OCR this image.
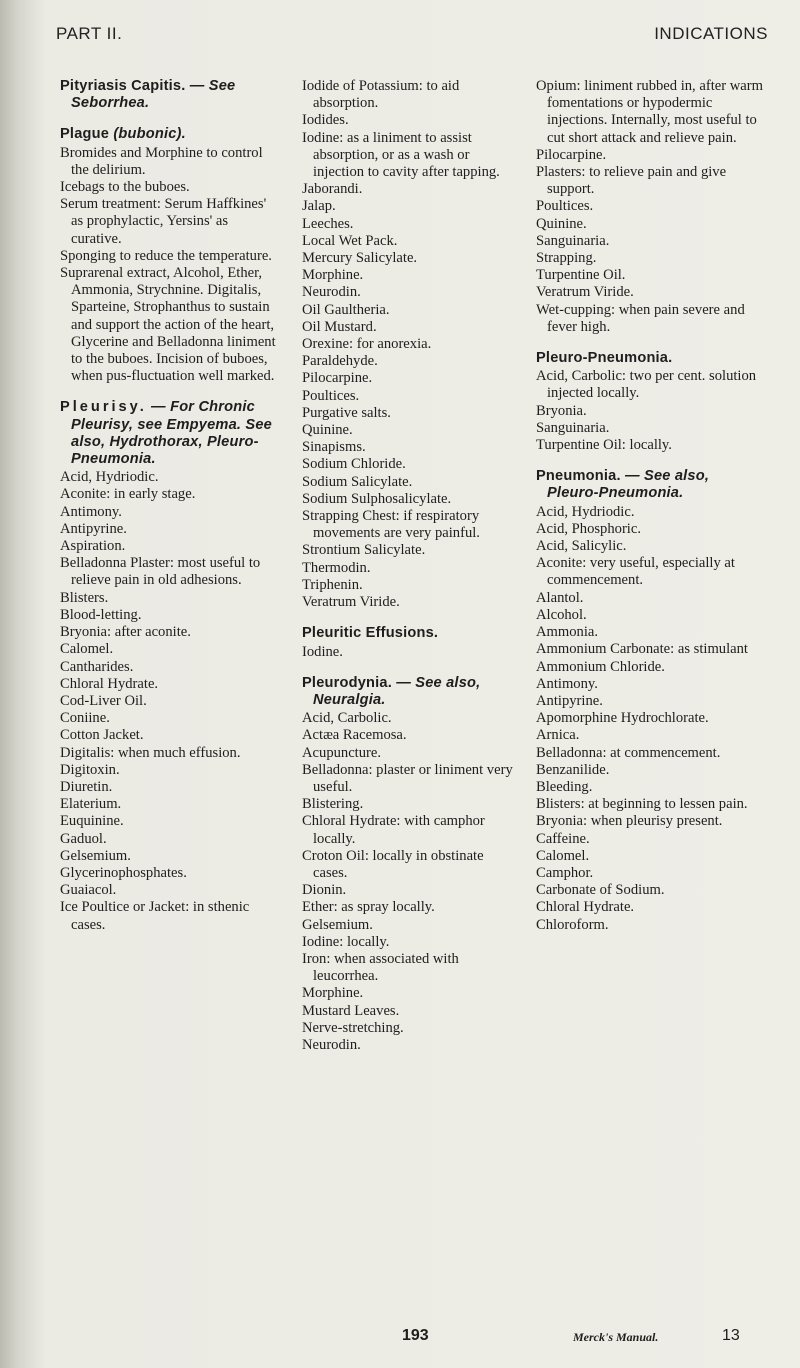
PART II.	INDICATIONS
Pityriasis Capitis. — See Seborrhea.
Plague (bubonic).
Bromides and Morphine to control the delirium.
Icebags to the buboes.
Serum treatment: Serum Haffkines' as prophylactic, Yersins' as curative.
Sponging to reduce the temperature.
Suprarenal extract, Alcohol, Ether, Ammonia, Strychnine. Digitalis, Sparteine, Strophanthus to sustain and support the action of the heart, Glycerine and Belladonna liniment to the buboes. Incision of buboes, when pus-fluctuation well marked.
Pleurisy. — For Chronic Pleurisy, see Empyema. See also, Hydrothorax, Pleuro-Pneumonia.
Acid, Hydriodic.
Aconite: in early stage.
Antimony.
Antipyrine.
Aspiration.
Belladonna Plaster: most useful to relieve pain in old adhesions.
Blisters.
Blood-letting.
Bryonia: after aconite.
Calomel.
Cantharides.
Chloral Hydrate.
Cod-Liver Oil.
Coniine.
Cotton Jacket.
Digitalis: when much effusion.
Digitoxin.
Diuretin.
Elaterium.
Euquinine.
Gaduol.
Gelsemium.
Glycerinophosphates.
Guaiacol.
Ice Poultice or Jacket: in sthenic cases.
Iodide of Potassium: to aid absorption.
Iodides.
Iodine: as a liniment to assist absorption, or as a wash or injection to cavity after tapping.
Jaborandi.
Jalap.
Leeches.
Local Wet Pack.
Mercury Salicylate.
Morphine.
Neurodin.
Oil Gaultheria.
Oil Mustard.
Orexine: for anorexia.
Paraldehyde.
Pilocarpine.
Poultices.
Purgative salts.
Quinine.
Sinapisms.
Sodium Chloride.
Sodium Salicylate.
Sodium Sulphosalicylate.
Strapping Chest: if respiratory movements are very painful.
Strontium Salicylate.
Thermodin.
Triphenin.
Veratrum Viride.
Pleuritic Effusions.
Iodine.
Pleurodynia. — See also, Neuralgia.
Acid, Carbolic.
Actæa Racemosa.
Acupuncture.
Belladonna: plaster or liniment very useful.
Blistering.
Chloral Hydrate: with camphor locally.
Croton Oil: locally in obstinate cases.
Dionin.
Ether: as spray locally.
Gelsemium.
Iodine: locally.
Iron: when associated with leucorrhea.
Morphine.
Mustard Leaves.
Nerve-stretching.
Neurodin.
Opium: liniment rubbed in, after warm fomentations or hypodermic injections. Internally, most useful to cut short attack and relieve pain.
Pilocarpine.
Plasters: to relieve pain and give support.
Poultices.
Quinine.
Sanguinaria.
Strapping.
Turpentine Oil.
Veratrum Viride.
Wet-cupping: when pain severe and fever high.
Pleuro-Pneumonia.
Acid, Carbolic: two per cent. solution injected locally.
Bryonia.
Sanguinaria.
Turpentine Oil: locally.
Pneumonia. — See also, Pleuro-Pneumonia.
Acid, Hydriodic.
Acid, Phosphoric.
Acid, Salicylic.
Aconite: very useful, especially at commencement.
Alantol.
Alcohol.
Ammonia.
Ammonium Carbonate: as stimulant
Ammonium Chloride.
Antimony.
Antipyrine.
Apomorphine Hydrochlorate.
Arnica.
Belladonna: at commencement.
Benzanilide.
Bleeding.
Blisters: at beginning to lessen pain.
Bryonia: when pleurisy present.
Caffeine.
Calomel.
Camphor.
Carbonate of Sodium.
Chloral Hydrate.
Chloroform.
193	Merck's Manual.	13
